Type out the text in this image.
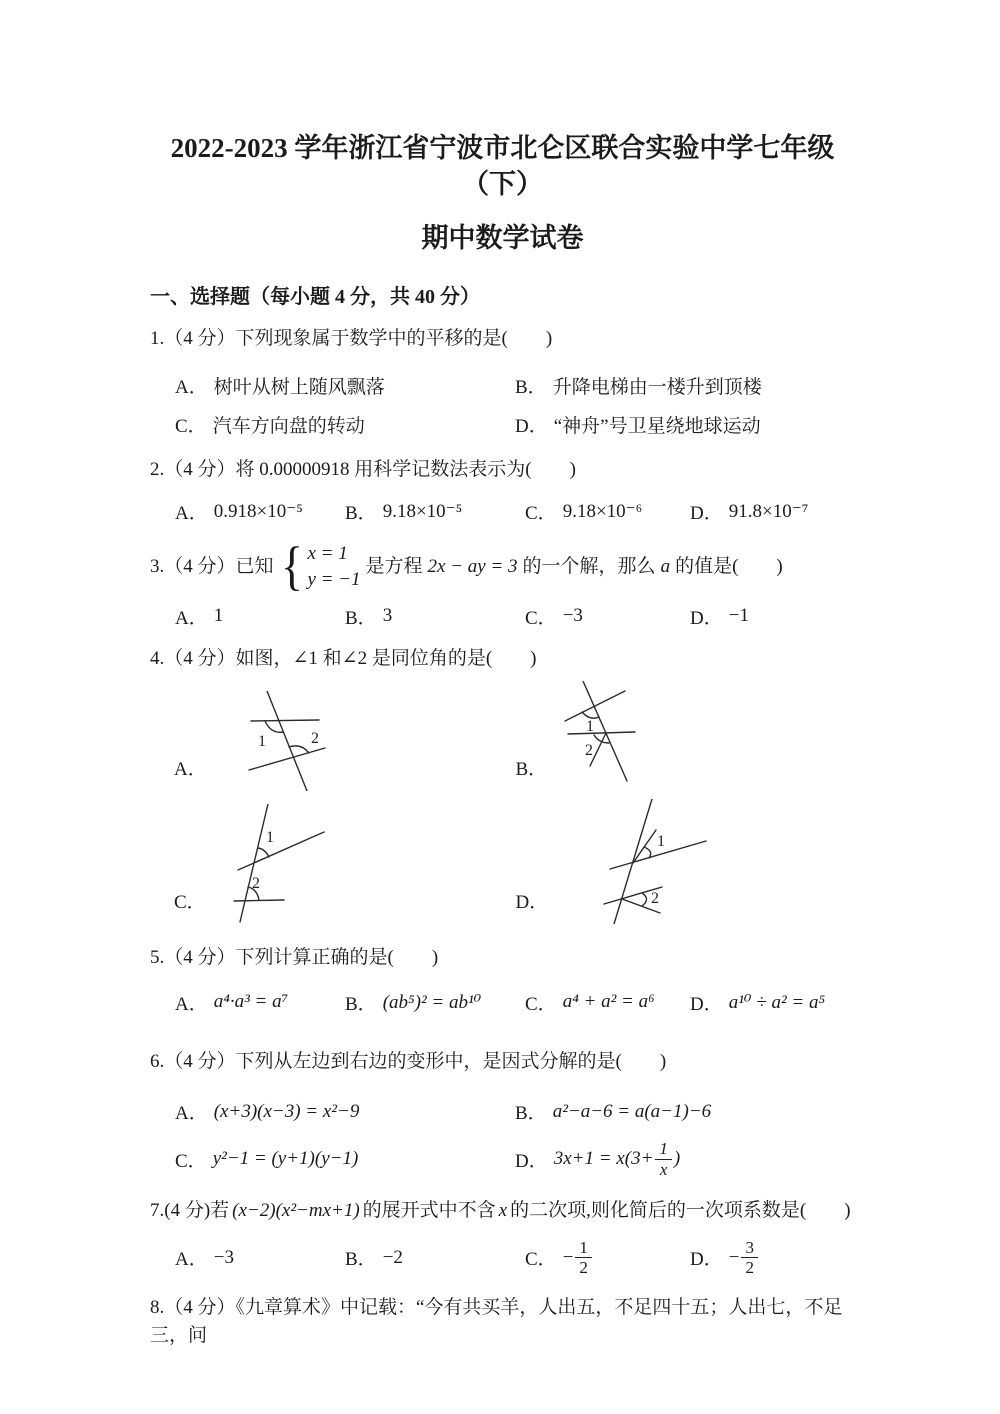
2022-2023 学年浙江省宁波市北仑区联合实验中学七年级（下）
期中数学试卷
一、选择题（每小题 4 分，共 40 分）
1.（4 分）下列现象属于数学中的平移的是(　　)
A． 树叶从树上随风飘落	B． 升降电梯由一楼升到顶楼
C． 汽车方向盘的转动	D． “神舟”号卫星绕地球运动
2.（4 分）将 0.00000918 用科学记数法表示为(　　)
A． 0.918×10⁻⁵ B． 9.18×10⁻⁵	C． 9.18×10⁻⁶	D． 91.8×10⁻⁷
3.（4 分）已知 { x = 1
y = −1
是方程 2x − ay = 3 的一个解，那么 a 的值是(　　)
A． 1	B． 3	C． −3	D． −1
4.（4 分）如图，∠1 和∠2 是同位角的是(　　)
A．
1	2
B．
1
2
C．
1
2
D．
1
2
5.（4 分）下列计算正确的是(　　)
A． a⁴·a³ = a⁷	B． (ab⁵)² = ab¹⁰ C． a⁴ + a² = a⁶ D． a¹⁰ ÷ a² = a⁵
6.（4 分）下列从左边到右边的变形中，是因式分解的是(　　)
A． (x+3)(x−3) = x²−9	B． a²−a−6 = a(a−1)−6
C． y²−1 = (y+1)(y−1)	D． $3x+1 = x(3+ \frac{1}{x}$ )
7.(4 分)若 (x−2)(x²−mx+1) 的展开式中不含 x 的二次项,则化简后的一次项系数是(　　)
A． −3	B． −2	C． − $\frac{1}{2}$	D． − $\frac{3}{2}$
8.（4 分）《九章算术》中记载：“今有共买羊，人出五，不足四十五；人出七，不足三，问
